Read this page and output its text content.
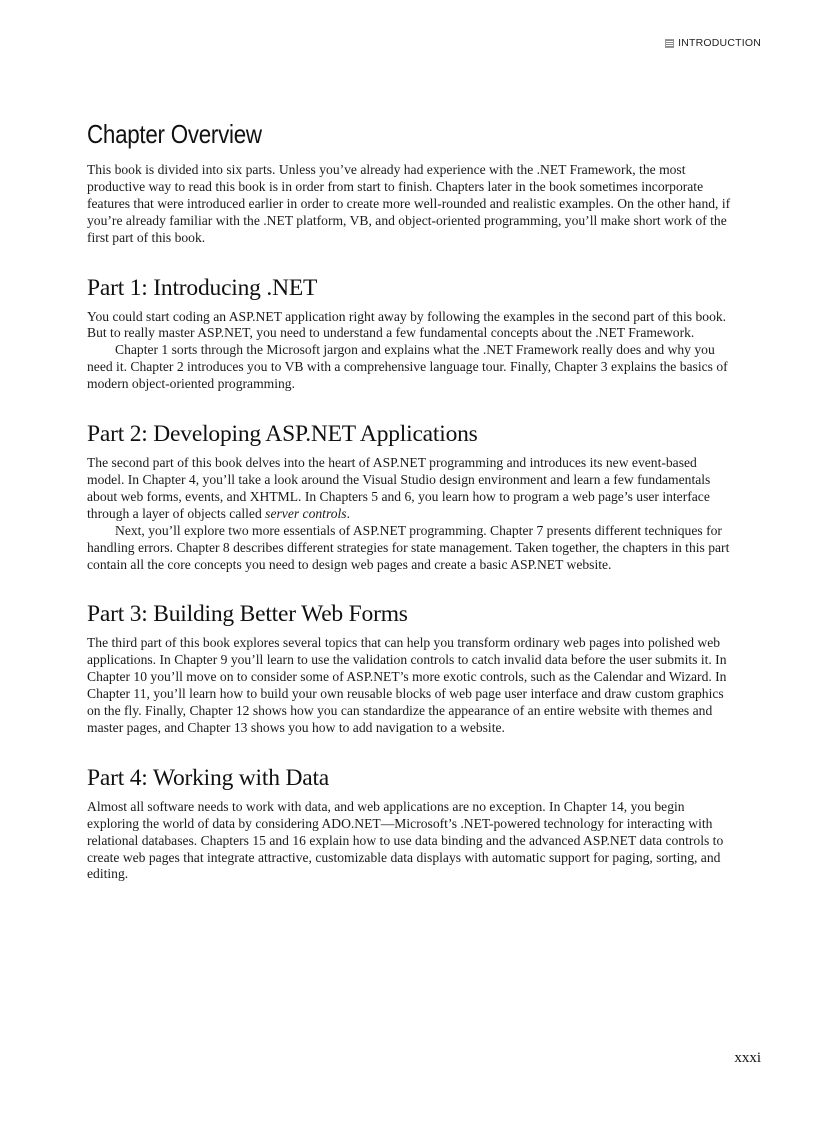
INTRODUCTION
Chapter Overview

This book is divided into six parts. Unless you’ve already had experience with the .NET Framework, the most productive way to read this book is in order from start to finish. Chapters later in the book sometimes incorporate features that were introduced earlier in order to create more well-rounded and realistic examples. On the other hand, if you’re already familiar with the .NET platform, VB, and object-oriented programming, you’ll make short work of the first part of this book.

Part 1: Introducing .NET

You could start coding an ASP.NET application right away by following the examples in the second part of this book. But to really master ASP.NET, you need to understand a few fundamental concepts about the .NET Framework.

Chapter 1 sorts through the Microsoft jargon and explains what the .NET Framework really does and why you need it. Chapter 2 introduces you to VB with a comprehensive language tour. Finally, Chapter 3 explains the basics of modern object-oriented programming.

Part 2: Developing ASP.NET Applications

The second part of this book delves into the heart of ASP.NET programming and introduces its new event-based model. In Chapter 4, you’ll take a look around the Visual Studio design environment and learn a few fundamentals about web forms, events, and XHTML. In Chapters 5 and 6, you learn how to program a web page’s user interface through a layer of objects called server controls.

Next, you’ll explore two more essentials of ASP.NET programming. Chapter 7 presents different techniques for handling errors. Chapter 8 describes different strategies for state management. Taken together, the chapters in this part contain all the core concepts you need to design web pages and create a basic ASP.NET website.

Part 3: Building Better Web Forms

The third part of this book explores several topics that can help you transform ordinary web pages into polished web applications. In Chapter 9 you’ll learn to use the validation controls to catch invalid data before the user submits it. In Chapter 10 you’ll move on to consider some of ASP.NET’s more exotic controls, such as the Calendar and Wizard. In Chapter 11, you’ll learn how to build your own reusable blocks of web page user interface and draw custom graphics on the fly. Finally, Chapter 12 shows how you can standardize the appearance of an entire website with themes and master pages, and Chapter 13 shows you how to add navigation to a website.

Part 4: Working with Data

Almost all software needs to work with data, and web applications are no exception. In Chapter 14, you begin exploring the world of data by considering ADO.NET—Microsoft’s .NET-powered technology for interacting with relational databases. Chapters 15 and 16 explain how to use data binding and the advanced ASP.NET data controls to create web pages that integrate attractive, customizable data displays with automatic support for paging, sorting, and editing.

xxxi
